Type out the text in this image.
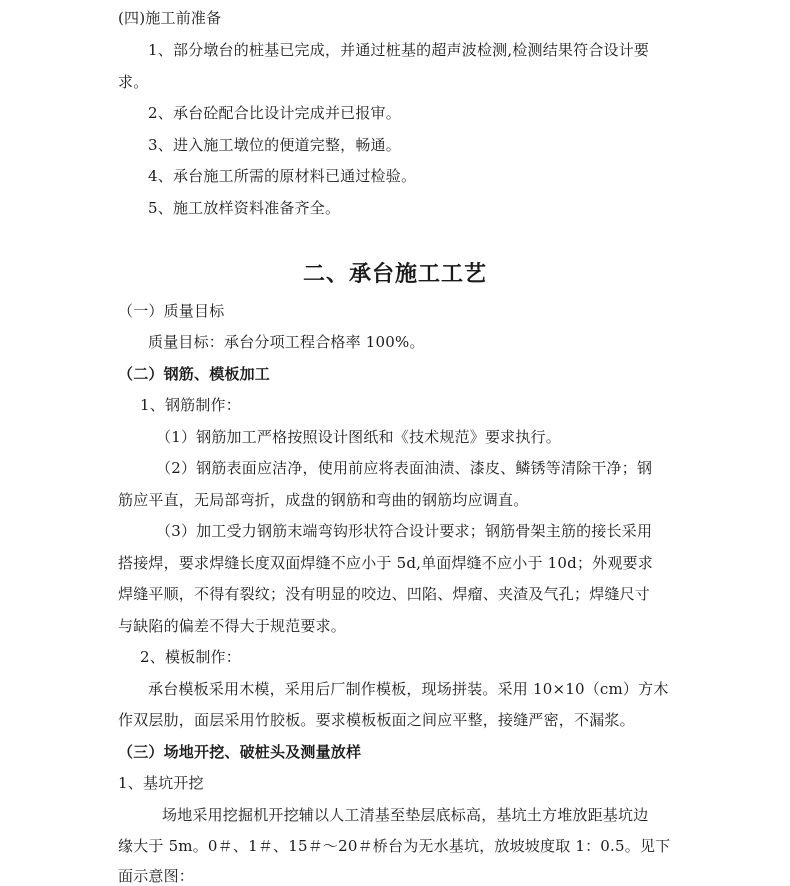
(四)施工前准备
1、部分墩台的桩基已完成，并通过桩基的超声波检测,检测结果符合设计要
求。
2、承台砼配合比设计完成并已报审。
3、进入施工墩位的便道完整，畅通。
4、承台施工所需的原材料已通过检验。
5、施工放样资料准备齐全。
二、承台施工工艺
（一）质量目标
质量目标：承台分项工程合格率 100%。
（二）钢筋、模板加工
1、钢筋制作：
（1）钢筋加工严格按照设计图纸和《技术规范》要求执行。
（2）钢筋表面应洁净，使用前应将表面油渍、漆皮、鳞锈等清除干净；钢
筋应平直，无局部弯折，成盘的钢筋和弯曲的钢筋均应调直。
（3）加工受力钢筋末端弯钩形状符合设计要求；钢筋骨架主筋的接长采用
搭接焊，要求焊缝长度双面焊缝不应小于 5d,单面焊缝不应小于 10d；外观要求
焊缝平顺，不得有裂纹；没有明显的咬边、凹陷、焊瘤、夹渣及气孔；焊缝尺寸
与缺陷的偏差不得大于规范要求。
2、模板制作：
承台模板采用木模，采用后厂制作模板，现场拼装。采用 10×10（cm）方木
作双层肋，面层采用竹胶板。要求模板板面之间应平整，接缝严密，不漏浆。
（三）场地开挖、破桩头及测量放样
1、基坑开挖
场地采用挖掘机开挖辅以人工清基至垫层底标高，基坑土方堆放距基坑边
缘大于 5m。0＃、1＃、15＃～20＃桥台为无水基坑，放坡坡度取 1：0.5。见下
面示意图：
